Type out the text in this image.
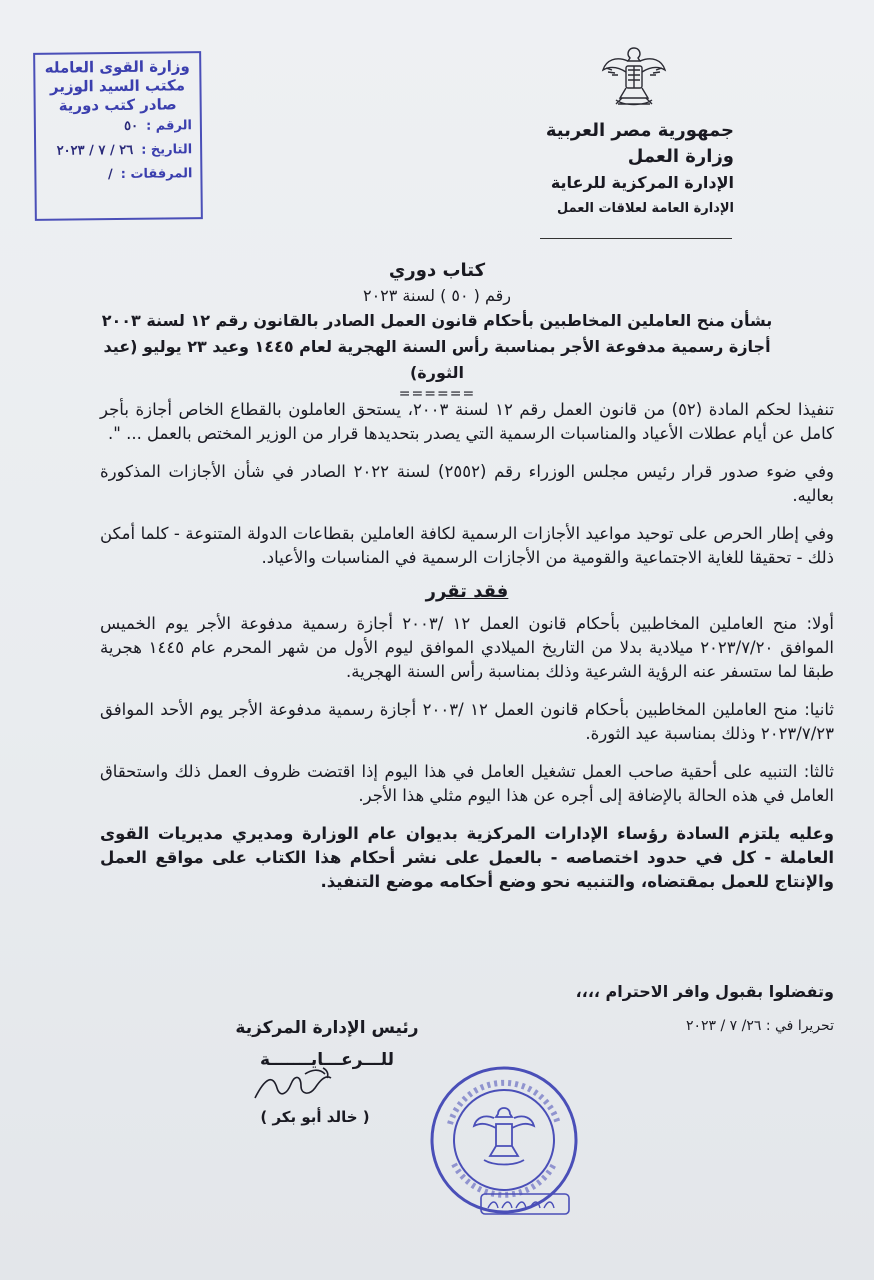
وزارة القوى العامله
مكتب السيد الوزير
صادر كتب دورية
الرقم :٥٠
التاريخ :٢٦ / ٧ / ٢٠٢٣
المرفقات :/
جمهورية مصر العربية
وزارة العمل
الإدارة المركزية للرعاية
الإدارة العامة لعلاقات العمل
كتاب دوري
رقم ( ٥٠ ) لسنة ٢٠٢٣
بشأن منح العاملين المخاطبين بأحكام قانون العمل الصادر بالقانون رقم ١٢ لسنة ٢٠٠٣
أجازة رسمية مدفوعة الأجر بمناسبة رأس السنة الهجرية لعام ١٤٤٥ وعيد ٢٣ يوليو (عيد الثورة)
======

تنفيذا لحكم المادة (٥٢) من قانون العمل رقم ١٢ لسنة ٢٠٠٣، يستحق العاملون بالقطاع الخاص أجازة بأجر كامل عن أيام عطلات الأعياد والمناسبات الرسمية التي يصدر بتحديدها قرار من الوزير المختص بالعمل ... ".

وفي ضوء صدور قرار رئيس مجلس الوزراء رقم (٢٥٥٢) لسنة ٢٠٢٢ الصادر في شأن الأجازات المذكورة بعاليه.

وفي إطار الحرص على توحيد مواعيد الأجازات الرسمية لكافة العاملين بقطاعات الدولة المتنوعة - كلما أمكن ذلك - تحقيقا للغاية الاجتماعية والقومية من الأجازات الرسمية في المناسبات والأعياد.

فقد تقرر

أولا: منح العاملين المخاطبين بأحكام قانون العمل ١٢ /٢٠٠٣ أجازة رسمية مدفوعة الأجر يوم الخميس الموافق ٢٠٢٣/٧/٢٠ ميلادية بدلا من التاريخ الميلادي الموافق ليوم الأول من شهر المحرم عام ١٤٤٥ هجرية طبقا لما ستسفر عنه الرؤية الشرعية وذلك بمناسبة رأس السنة الهجرية.

ثانيا: منح العاملين المخاطبين بأحكام قانون العمل ١٢ /٢٠٠٣ أجازة رسمية مدفوعة الأجر يوم الأحد الموافق ٢٠٢٣/٧/٢٣ وذلك بمناسبة عيد الثورة.

ثالثا: التنبيه على أحقية صاحب العمل تشغيل العامل في هذا اليوم إذا اقتضت ظروف العمل ذلك واستحقاق العامل في هذه الحالة بالإضافة إلى أجره عن هذا اليوم مثلي هذا الأجر.

وعليه يلتزم السادة رؤساء الإدارات المركزية بديوان عام الوزارة ومديري مديريات القوى العاملة - كل في حدود اختصاصه - بالعمل على نشر أحكام هذا الكتاب على مواقع العمل والإنتاج للعمل بمقتضاه، والتنبيه نحو وضع أحكامه موضع التنفيذ.

وتفضلوا بقبول وافر الاحترام ،،،،
رئيس الإدارة المركزية
للـــرعـــايـــــــة
( خالد أبو بكر )
تحريرا في : ٢٦/ ٧ / ٢٠٢٣
